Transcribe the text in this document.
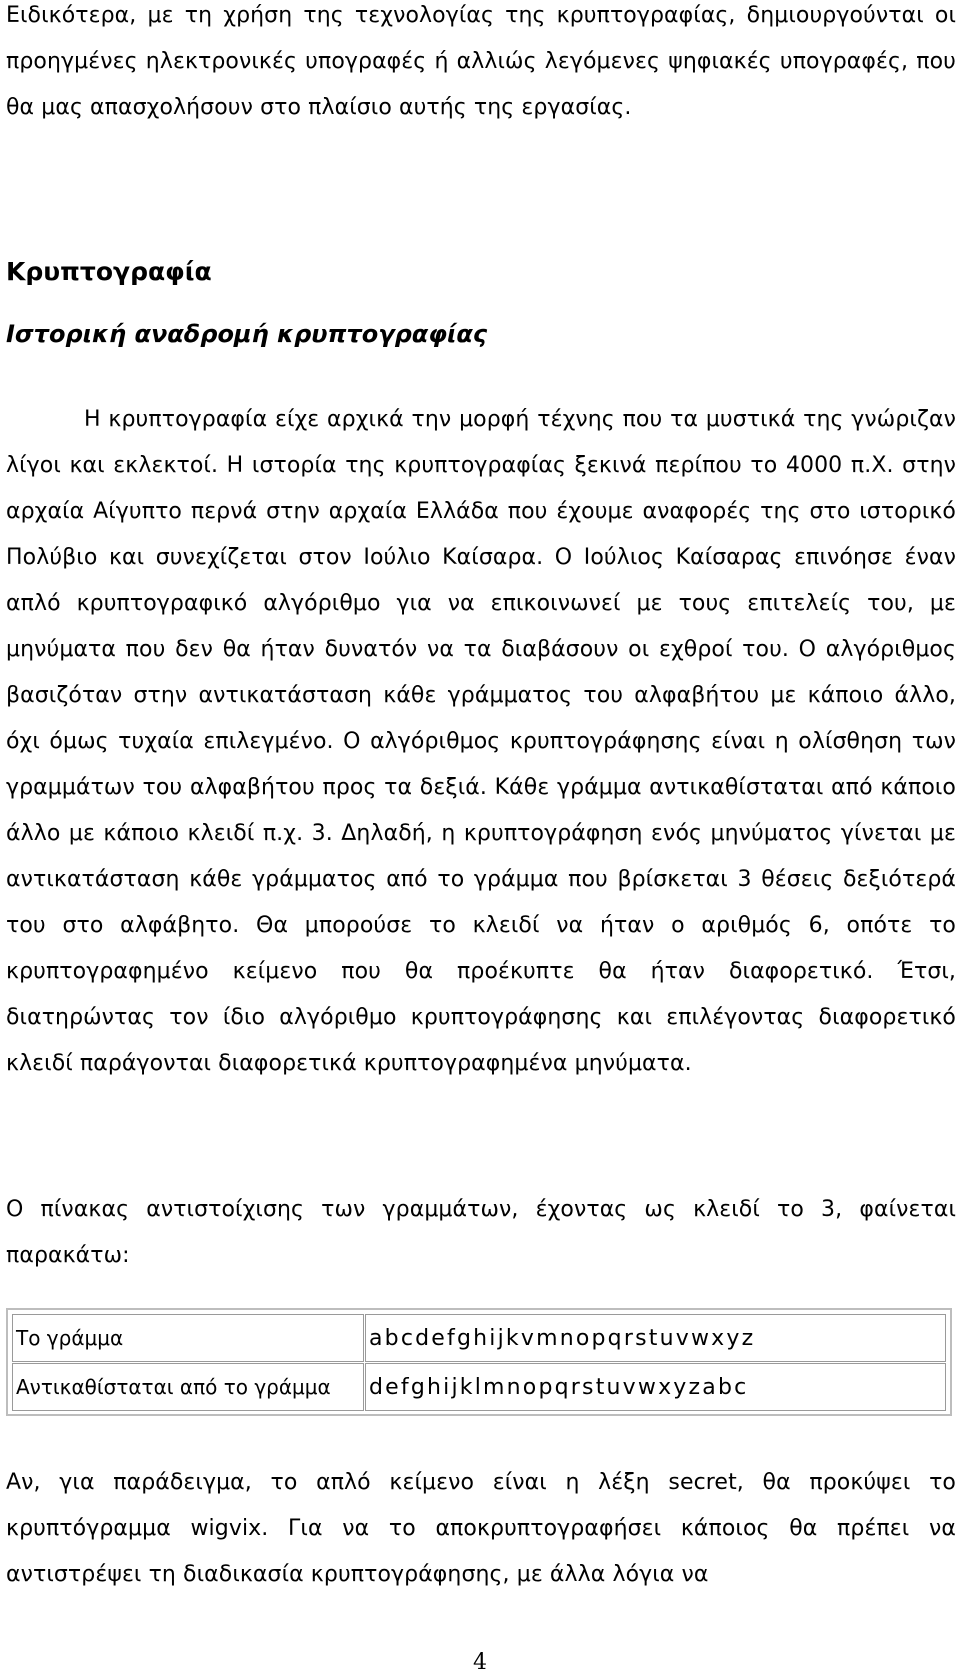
Ειδικότερα, με τη χρήση της τεχνολογίας της κρυπτογραφίας, δημιουργούνται οι προηγμένες ηλεκτρονικές υπογραφές ή αλλιώς λεγόμενες ψηφιακές υπογραφές, που θα μας απασχολήσουν στο πλαίσιο αυτής της εργασίας.

Κρυπτογραφία
Ιστορική αναδρομή κρυπτογραφίας

Η κρυπτογραφία είχε αρχικά την μορφή τέχνης που τα μυστικά της γνώριζαν λίγοι και εκλεκτοί. Η ιστορία της κρυπτογραφίας ξεκινά περίπου το 4000 π.Χ. στην αρχαία Αίγυπτο περνά στην αρχαία Ελλάδα που έχουμε αναφορές της στο ιστορικό Πολύβιο και συνεχίζεται στον Ιούλιο Καίσαρα. Ο Ιούλιος Καίσαρας επινόησε έναν απλό κρυπτογραφικό αλγόριθμο για να επικοινωνεί με τους επιτελείς του, με μηνύματα που δεν θα ήταν δυνατόν να τα διαβάσουν οι εχθροί του. Ο αλγόριθμος βασιζόταν στην αντικατάσταση κάθε γράμματος του αλφαβήτου με κάποιο άλλο, όχι όμως τυχαία επιλεγμένο. Ο αλγόριθμος κρυπτογράφησης είναι η ολίσθηση των γραμμάτων του αλφαβήτου προς τα δεξιά. Κάθε γράμμα αντικαθίσταται από κάποιο άλλο με κάποιο κλειδί π.χ. 3. Δηλαδή, η κρυπτογράφηση ενός μηνύματος γίνεται με αντικατάσταση κάθε γράμματος από το γράμμα που βρίσκεται 3 θέσεις δεξιότερά του στο αλφάβητο. Θα μπορούσε το κλειδί να ήταν ο αριθμός 6, οπότε το κρυπτογραφημένο κείμενο που θα προέκυπτε θα ήταν διαφορετικό. Έτσι, διατηρώντας τον ίδιο αλγόριθμο κρυπτογράφησης και επιλέγοντας διαφορετικό κλειδί παράγονται διαφορετικά κρυπτογραφημένα μηνύματα.

Ο πίνακας αντιστοίχισης των γραμμάτων, έχοντας ως κλειδί το 3, φαίνεται παρακάτω:

Το γράμμα	abcdefghijkvmnopqrstuvwxyz
Αντικαθίσταται από το γράμμα	defghijklmnopqrstuvwxyzabc

Αν, για παράδειγμα, το απλό κείμενο είναι η λέξη secret, θα προκύψει το κρυπτόγραμμα wigvix. Για να το αποκρυπτογραφήσει κάποιος θα πρέπει να αντιστρέψει τη διαδικασία κρυπτογράφησης, με άλλα λόγια να

4
